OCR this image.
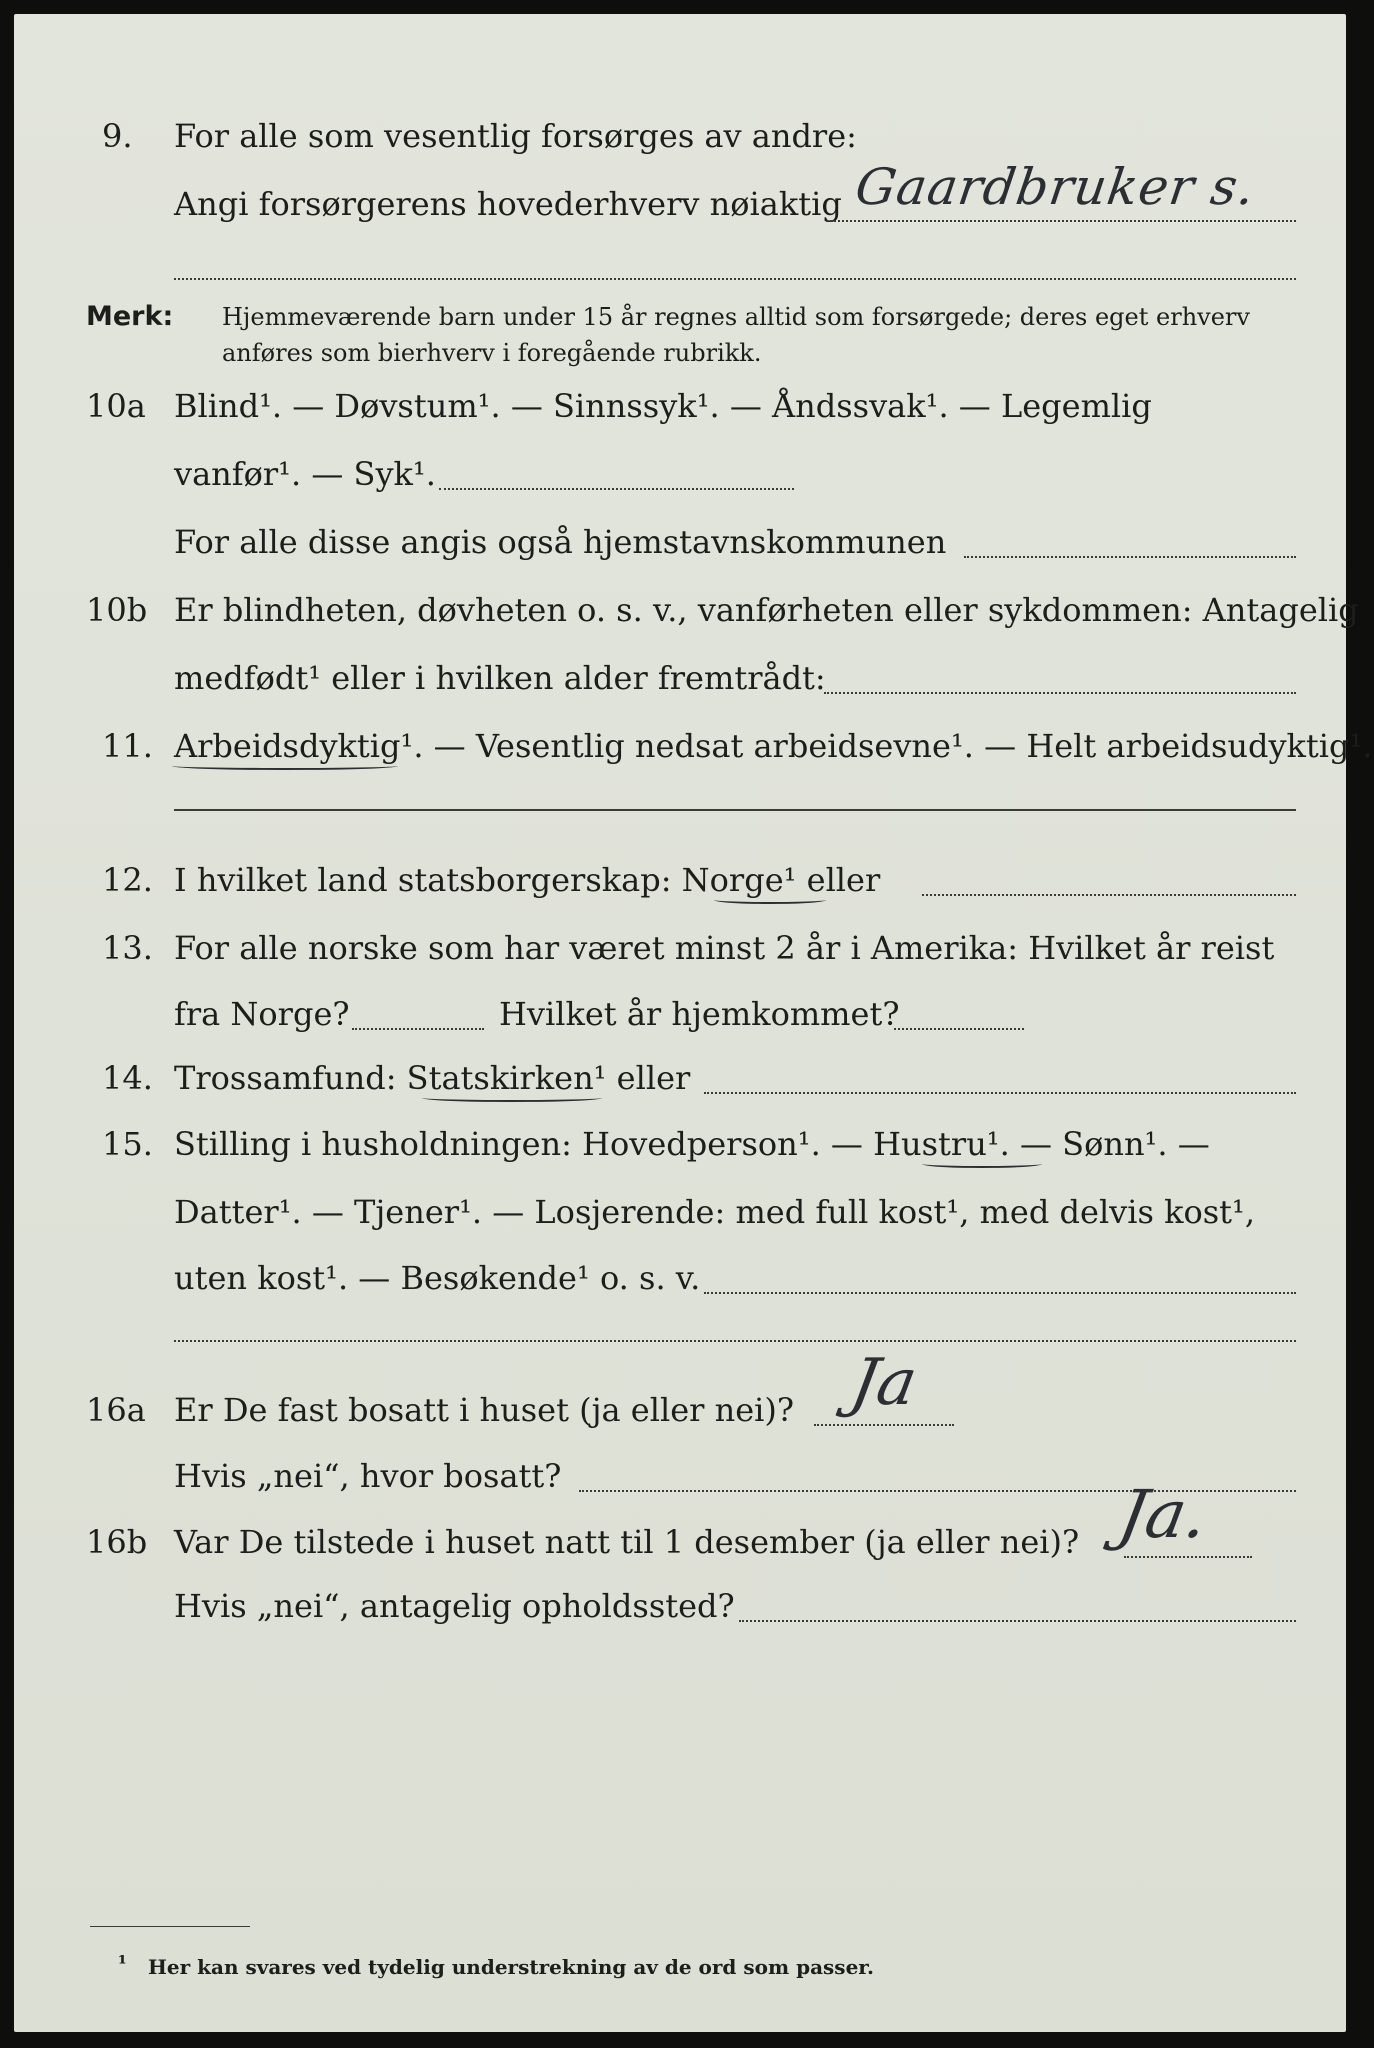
9. For alle som vesentlig forsørges av andre:
Angi forsørgerens hovederhverv nøiaktig Gaardbruker s.
Merk: Hjemmeværende barn under 15 år regnes alltid som forsørgede; deres eget erhverv
anføres som bierhverv i foregående rubrikk.
10a Blind¹. — Døvstum¹. — Sinnssyk¹. — Åndssvak¹. — Legemlig
vanfør¹. — Syk¹.
For alle disse angis også hjemstavnskommunen
10b Er blindheten, døvheten o. s. v., vanførheten eller sykdommen: Antagelig
medfødt¹ eller i hvilken alder fremtrådt:
11. Arbeidsdyktig¹. — Vesentlig nedsat arbeidsevne¹. — Helt arbeidsudyktig¹.
12. I hvilket land statsborgerskap: Norge¹ eller
13. For alle norske som har været minst 2 år i Amerika: Hvilket år reist
fra Norge?	Hvilket år hjemkommet?
14. Trossamfund: Statskirken¹ eller
15. Stilling i husholdningen: Hovedperson¹. — Hustru¹. — Sønn¹. —
Datter¹. — Tjener¹. — Losjerende: med full kost¹, med delvis kost¹,
uten kost¹. — Besøkende¹ o. s. v.
16a Er De fast bosatt i huset (ja eller nei)? Ja
Hvis „nei“, hvor bosatt?
16b Var De tilstede i huset natt til 1 desember (ja eller nei)? Ja.
Hvis „nei“, antagelig opholdssted?
¹ Her kan svares ved tydelig understrekning av de ord som passer.
